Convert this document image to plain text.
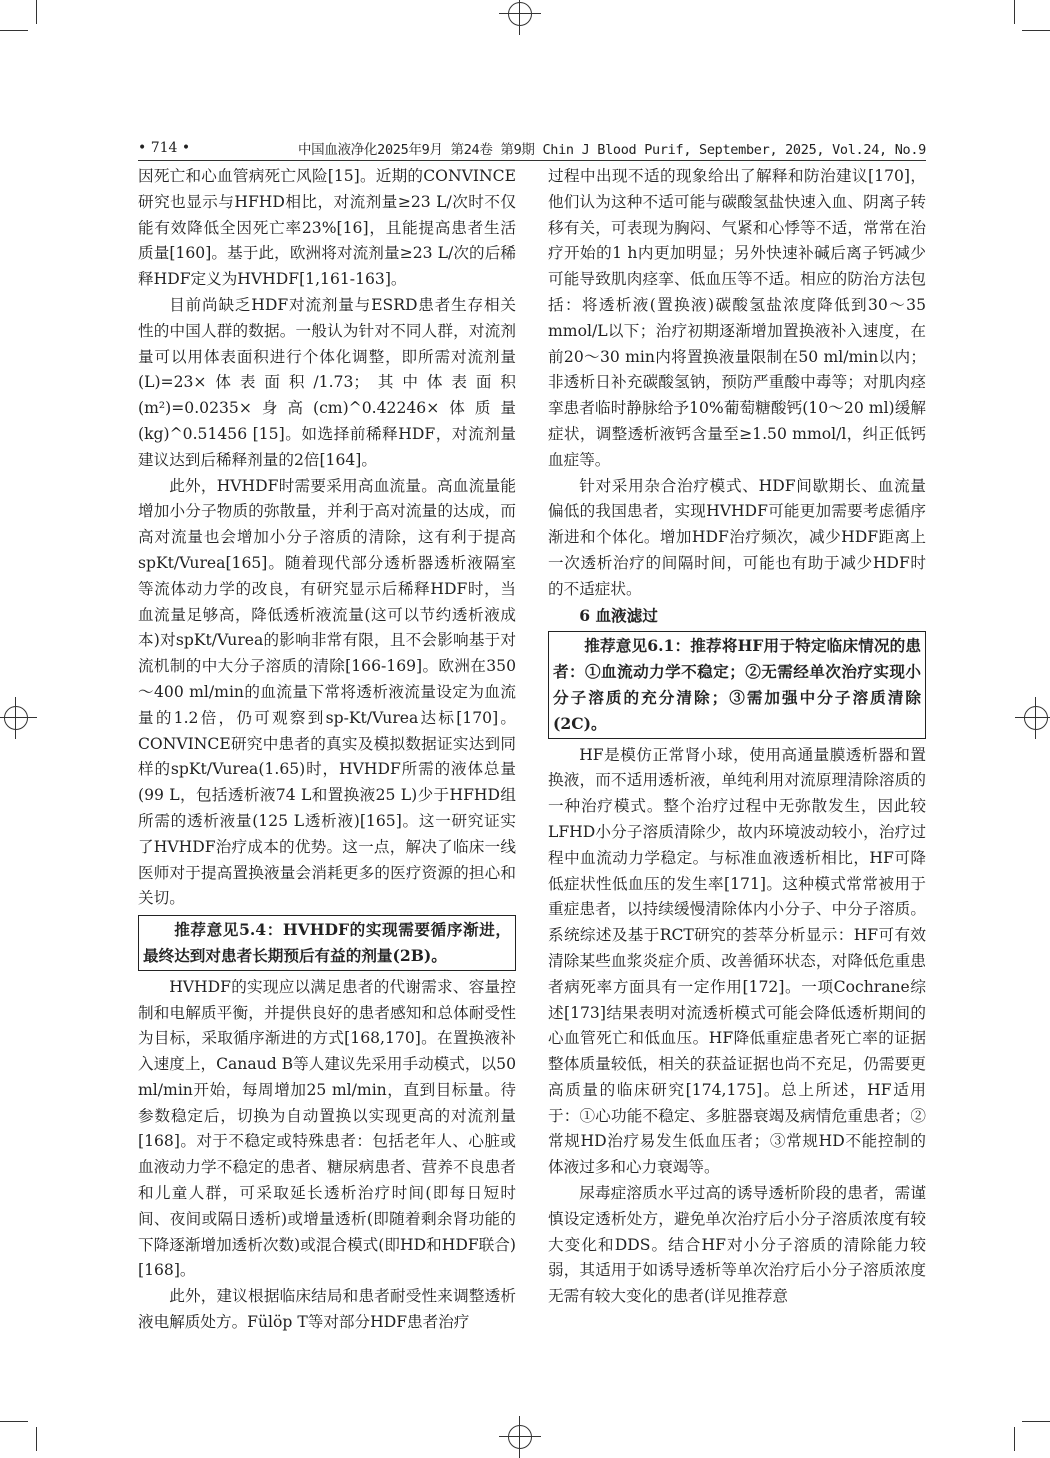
• 714 •	中国血液净化2025年9月 第24卷 第9期 Chin J Blood Purif, September, 2025, Vol.24, No.9

因死亡和心血管病死亡风险[15]。近期的CONVINCE研究也显示与HFHD相比，对流剂量≥23 L/次时不仅能有效降低全因死亡率23%[16]，且能提高患者生活质量[160]。基于此，欧洲将对流剂量≥23 L/次的后稀释HDF定义为HVHDF[1,161-163]。

目前尚缺乏HDF对流剂量与ESRD患者生存相关性的中国人群的数据。一般认为针对不同人群，对流剂量可以用体表面积进行个体化调整，即所需对流剂量(L)=23×体表面积/1.73；其中体表面积(m²)=0.0235×身高(cm)^0.42246×体质量(kg)^0.51456 [15]。如选择前稀释HDF，对流剂量建议达到后稀释剂量的2倍[164]。

此外，HVHDF时需要采用高血流量。高血流量能增加小分子物质的弥散量，并利于高对流量的达成，而高对流量也会增加小分子溶质的清除，这有利于提高spKt/Vurea[165]。随着现代部分透析器透析液隔室等流体动力学的改良，有研究显示后稀释HDF时，当血流量足够高，降低透析液流量(这可以节约透析液成本)对spKt/Vurea的影响非常有限，且不会影响基于对流机制的中大分子溶质的清除[166-169]。欧洲在350～400 ml/min的血流量下常将透析液流量设定为血流量的1.2倍，仍可观察到sp-Kt/Vurea达标[170]。CONVINCE研究中患者的真实及模拟数据证实达到同样的spKt/Vurea(1.65)时，HVHDF所需的液体总量(99 L，包括透析液74 L和置换液25 L)少于HFHD组所需的透析液量(125 L透析液)[165]。这一研究证实了HVHDF治疗成本的优势。这一点，解决了临床一线医师对于提高置换液量会消耗更多的医疗资源的担心和关切。

推荐意见5.4：HVHDF的实现需要循序渐进，最终达到对患者长期预后有益的剂量(2B)。

HVHDF的实现应以满足患者的代谢需求、容量控制和电解质平衡，并提供良好的患者感知和总体耐受性为目标，采取循序渐进的方式[168,170]。在置换液补入速度上，Canaud B等人建议先采用手动模式，以50 ml/min开始，每周增加25 ml/min，直到目标量。待参数稳定后，切换为自动置换以实现更高的对流剂量[168]。对于不稳定或特殊患者：包括老年人、心脏或血液动力学不稳定的患者、糖尿病患者、营养不良患者和儿童人群，可采取延长透析治疗时间(即每日短时间、夜间或隔日透析)或增量透析(即随着剩余肾功能的下降逐渐增加透析次数)或混合模式(即HD和HDF联合)[168]。

此外，建议根据临床结局和患者耐受性来调整透析液电解质处方。Fülöp T等对部分HDF患者治疗

过程中出现不适的现象给出了解释和防治建议[170]，他们认为这种不适可能与碳酸氢盐快速入血、阴离子转移有关，可表现为胸闷、气紧和心悸等不适，常常在治疗开始的1 h内更加明显；另外快速补碱后离子钙减少可能导致肌肉痉挛、低血压等不适。相应的防治方法包括：将透析液(置换液)碳酸氢盐浓度降低到30～35 mmol/L以下；治疗初期逐渐增加置换液补入速度，在前20～30 min内将置换液量限制在50 ml/min以内；非透析日补充碳酸氢钠，预防严重酸中毒等；对肌肉痉挛患者临时静脉给予10%葡萄糖酸钙(10～20 ml)缓解症状，调整透析液钙含量至≥1.50 mmol/l，纠正低钙血症等。

针对采用杂合治疗模式、HDF间歇期长、血流量偏低的我国患者，实现HVHDF可能更加需要考虑循序渐进和个体化。增加HDF治疗频次，减少HDF距离上一次透析治疗的间隔时间，可能也有助于减少HDF时的不适症状。

6 血液滤过

推荐意见6.1：推荐将HF用于特定临床情况的患者：①血流动力学不稳定；②无需经单次治疗实现小分子溶质的充分清除；③需加强中分子溶质清除(2C)。

HF是模仿正常肾小球，使用高通量膜透析器和置换液，而不适用透析液，单纯利用对流原理清除溶质的一种治疗模式。整个治疗过程中无弥散发生，因此较LFHD小分子溶质清除少，故内环境波动较小，治疗过程中血流动力学稳定。与标准血液透析相比，HF可降低症状性低血压的发生率[171]。这种模式常常被用于重症患者，以持续缓慢清除体内小分子、中分子溶质。系统综述及基于RCT研究的荟萃分析显示：HF可有效清除某些血浆炎症介质、改善循环状态，对降低危重患者病死率方面具有一定作用[172]。一项Cochrane综述[173]结果表明对流透析模式可能会降低透析期间的心血管死亡和低血压。HF降低重症患者死亡率的证据整体质量较低，相关的获益证据也尚不充足，仍需要更高质量的临床研究[174,175]。总上所述，HF适用于：①心功能不稳定、多脏器衰竭及病情危重患者；②常规HD治疗易发生低血压者；③常规HD不能控制的体液过多和心力衰竭等。

尿毒症溶质水平过高的诱导透析阶段的患者，需谨慎设定透析处方，避免单次治疗后小分子溶质浓度有较大变化和DDS。结合HF对小分子溶质的清除能力较弱，其适用于如诱导透析等单次治疗后小分子溶质浓度无需有较大变化的患者(详见推荐意
